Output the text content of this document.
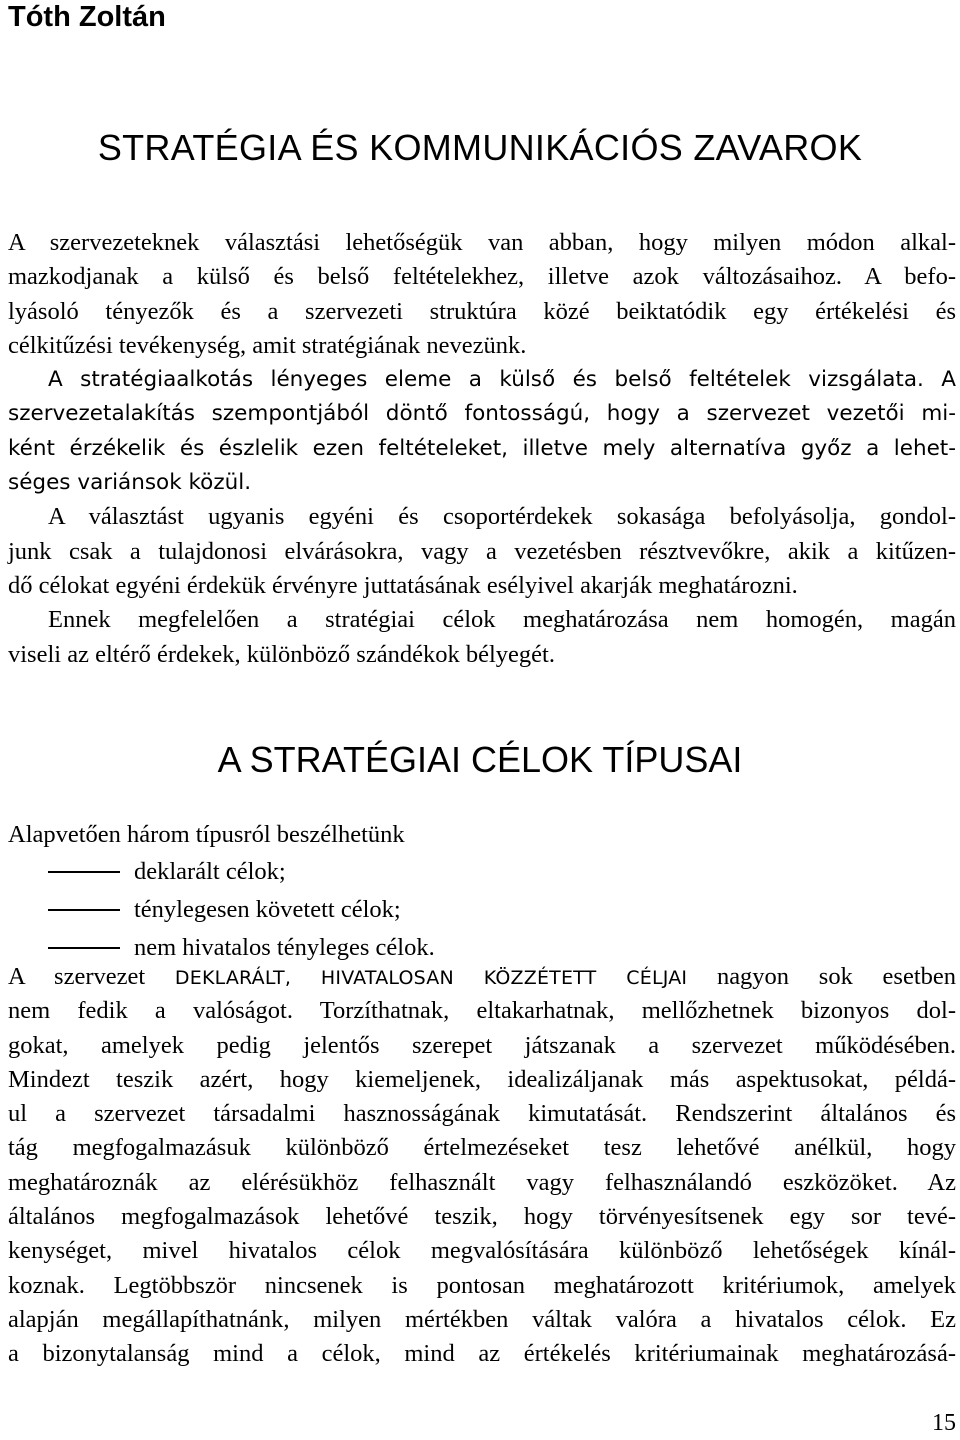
Tóth Zoltán
STRATÉGIA ÉS KOMMUNIKÁCIÓS ZAVAROK
A szervezeteknek választási lehetőségük van abban, hogy milyen módon alkal-
mazkodjanak a külső és belső feltételekhez, illetve azok változásaihoz. A befo-
lyásoló tényezők és a szervezeti struktúra közé beiktatódik egy értékelési és
célkitűzési tevékenység, amit stratégiának nevezünk.
A stratégiaalkotás lényeges eleme a külső és belső feltételek vizsgálata. A
szervezetalakítás szempontjából döntő fontosságú, hogy a szervezet vezetői mi-
ként érzékelik és észlelik ezen feltételeket, illetve mely alternatíva győz a lehet-
séges variánsok közül.
A választást ugyanis egyéni és csoportérdekek sokasága befolyásolja, gondol-
junk csak a tulajdonosi elvárásokra, vagy a vezetésben résztvevőkre, akik a kitűzen-
dő célokat egyéni érdekük érvényre juttatásának esélyivel akarják meghatározni.
Ennek megfelelően a stratégiai célok meghatározása nem homogén, magán
viseli az eltérő érdekek, különböző szándékok bélyegét.
A STRATÉGIAI CÉLOK TÍPUSAI
Alapvetően három típusról beszélhetünk
deklarált célok;
ténylegesen követett célok;
nem hivatalos tényleges célok.
A szervezet DEKLARÁLT, HIVATALOSAN KÖZZÉTETT CÉLJAI nagyon sok esetben
nem fedik a valóságot. Torzíthatnak, eltakarhatnak, mellőzhetnek bizonyos dol-
gokat, amelyek pedig jelentős szerepet játszanak a szervezet működésében.
Mindezt teszik azért, hogy kiemeljenek, idealizáljanak más aspektusokat, példá-
ul a szervezet társadalmi hasznosságának kimutatását. Rendszerint általános és
tág megfogalmazásuk különböző értelmezéseket tesz lehetővé anélkül, hogy
meghatároznák az elérésükhöz felhasznált vagy felhasználandó eszközöket. Az
általános megfogalmazások lehetővé teszik, hogy törvényesítsenek egy sor tevé-
kenységet, mivel hivatalos célok megvalósítására különböző lehetőségek kínál-
koznak. Legtöbbször nincsenek is pontosan meghatározott kritériumok, amelyek
alapján megállapíthatnánk, milyen mértékben váltak valóra a hivatalos célok. Ez
a bizonytalanság mind a célok, mind az értékelés kritériumainak meghatározásá-
15
